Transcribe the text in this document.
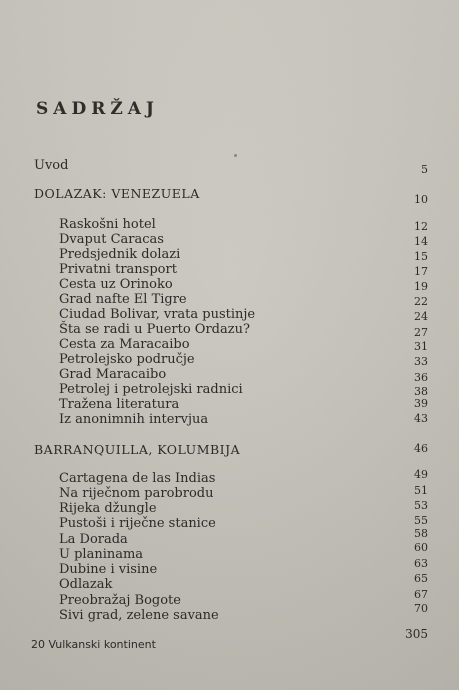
SADRŽAJ
Uvod	5
DOLAZAK: VENEZUELA	10
Raskošni hotel	12
Dvaput Caracas	14
Predsjednik dolazi	15
Privatni transport	17
Cesta uz Orinoko	19
Grad nafte El Tigre	22
Ciudad Bolivar, vrata pustinje	24
Šta se radi u Puerto Ordazu?	27
Cesta za Maracaibo	31
Petrolejsko područje	33
Grad Maracaibo	36
Petrolej i petrolejski radnici	38
Tražena literatura	39
Iz anonimnih intervjua	43
BARRANQUILLA, KOLUMBIJA	46
Cartagena de las Indias	49
Na riječnom parobrodu	51
Rijeka džungle	53
Pustoši i riječne stanice	55
La Dorada	58
U planinama	60
Dubine i visine	63
Odlazak	65
Preobražaj Bogote	67
Sivi grad, zelene savane	70
305
20 Vulkanski kontinent
